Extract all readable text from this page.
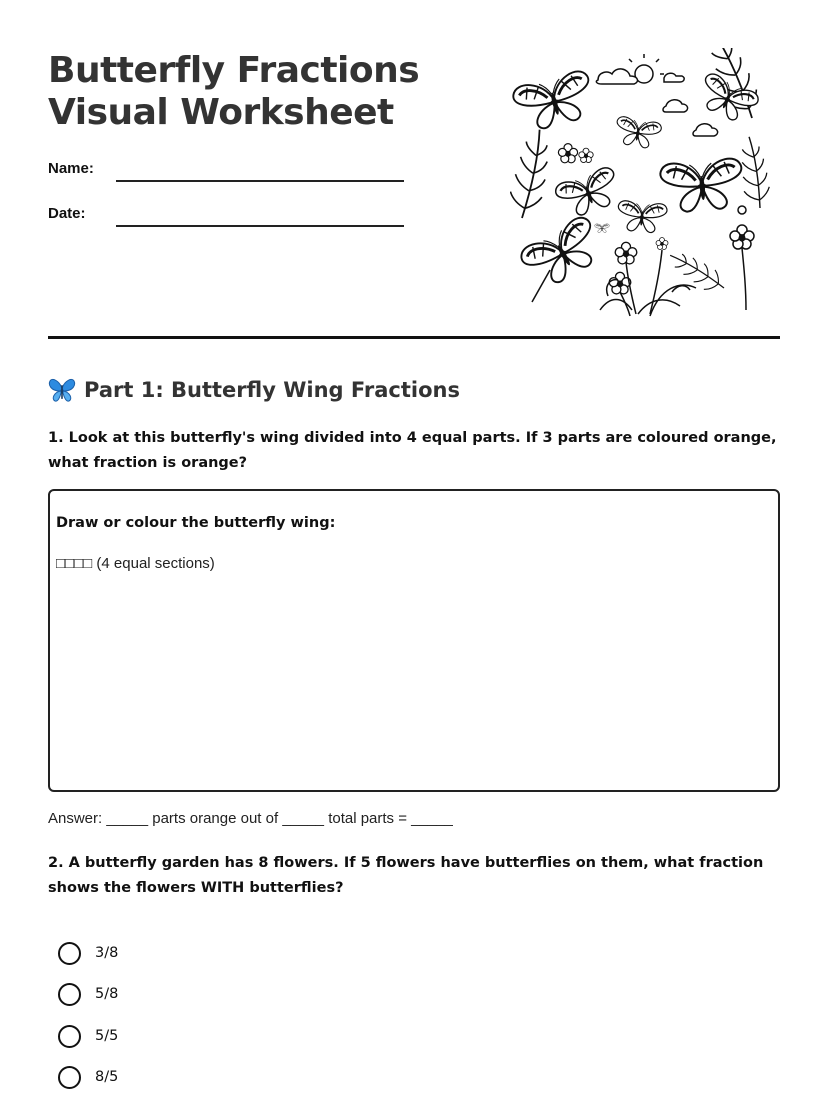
Butterfly Fractions
Visual Worksheet
Name:
Date:
Part 1: Butterfly Wing Fractions
1. Look at this butterfly's wing divided into 4 equal parts. If 3 parts are coloured orange, what fraction is orange?
Draw or colour the butterfly wing:
□□□□ (4 equal sections)
Answer: _____ parts orange out of _____ total parts = _____
2. A butterfly garden has 8 flowers. If 5 flowers have butterflies on them, what fraction shows the flowers WITH butterflies?
3/8
5/8
5/5
8/5
